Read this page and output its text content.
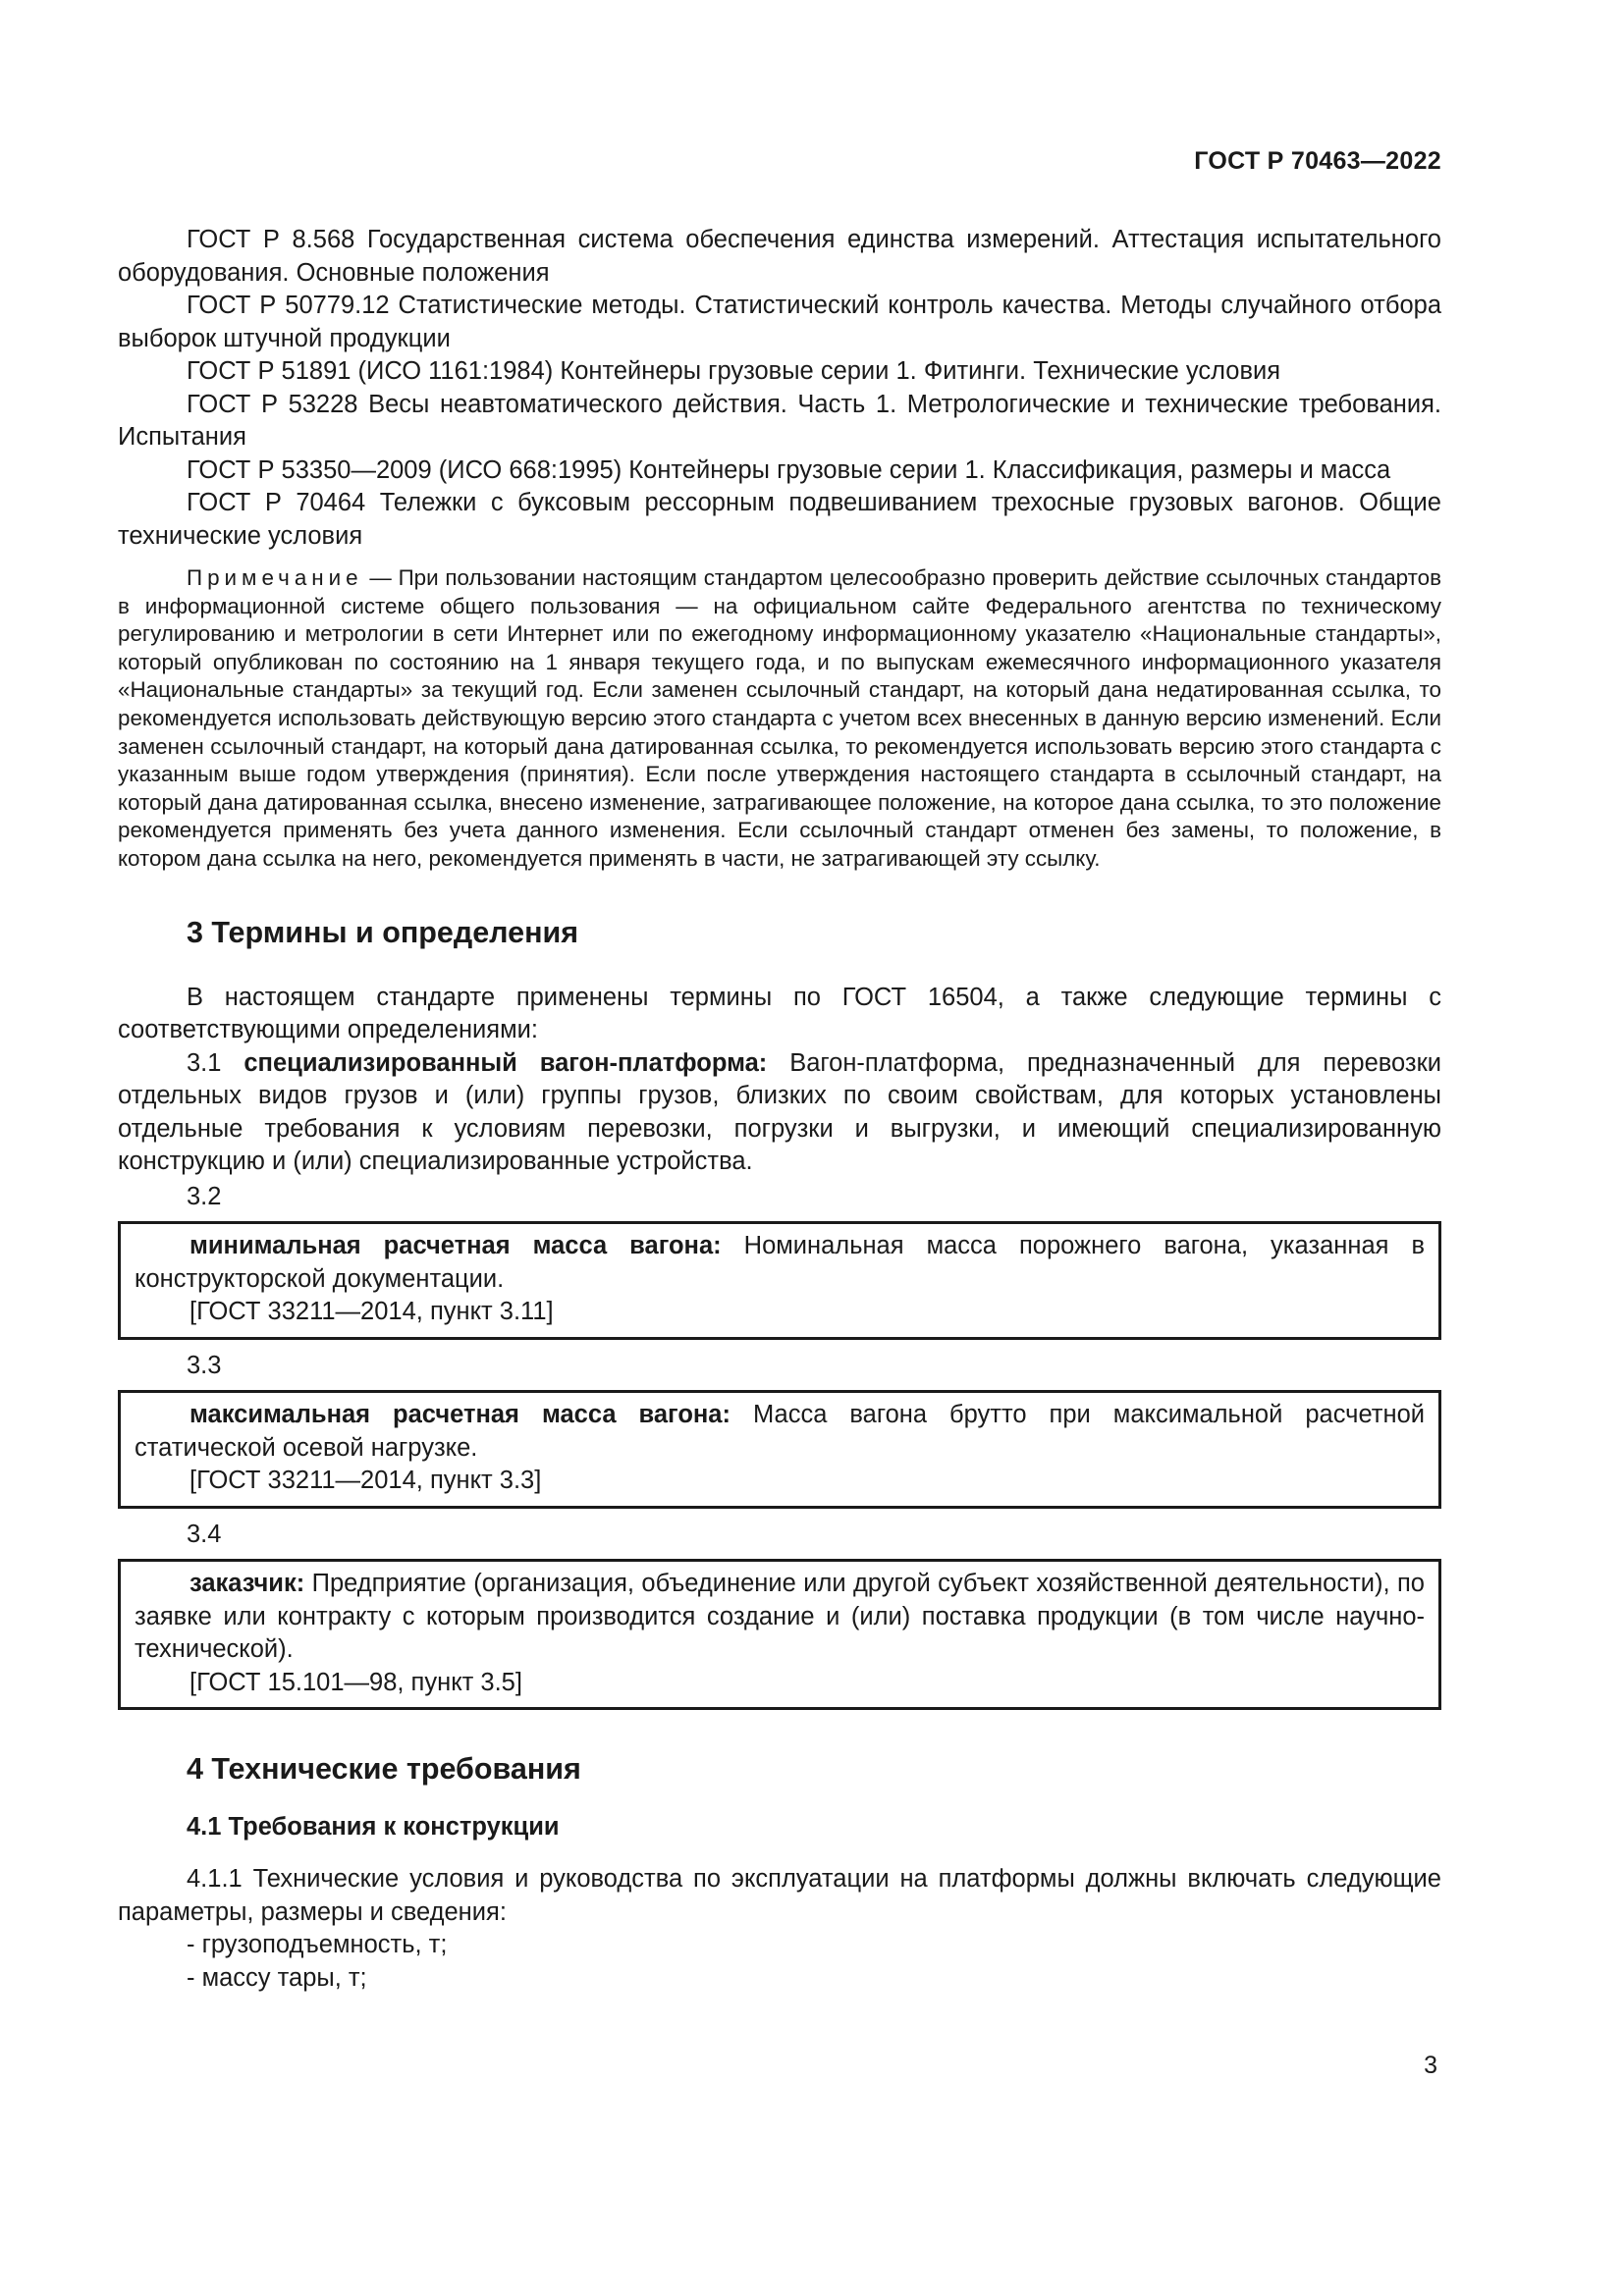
ГОСТ Р 70463—2022

ГОСТ Р 8.568 Государственная система обеспечения единства измерений. Аттестация испытательного оборудования. Основные положения

ГОСТ Р 50779.12 Статистические методы. Статистический контроль качества. Методы случайного отбора выборок штучной продукции

ГОСТ Р 51891 (ИСО 1161:1984) Контейнеры грузовые серии 1. Фитинги. Технические условия

ГОСТ Р 53228 Весы неавтоматического действия. Часть 1. Метрологические и технические требования. Испытания

ГОСТ Р 53350—2009 (ИСО 668:1995) Контейнеры грузовые серии 1. Классификация, размеры и масса

ГОСТ Р 70464 Тележки с буксовым рессорным подвешиванием трехосные грузовых вагонов. Общие технические условия

Примечание — При пользовании настоящим стандартом целесообразно проверить действие ссылочных стандартов в информационной системе общего пользования — на официальном сайте Федерального агентства по техническому регулированию и метрологии в сети Интернет или по ежегодному информационному указателю «Национальные стандарты», который опубликован по состоянию на 1 января текущего года, и по выпускам ежемесячного информационного указателя «Национальные стандарты» за текущий год. Если заменен ссылочный стандарт, на который дана недатированная ссылка, то рекомендуется использовать действующую версию этого стандарта с учетом всех внесенных в данную версию изменений. Если заменен ссылочный стандарт, на который дана датированная ссылка, то рекомендуется использовать версию этого стандарта с указанным выше годом утверждения (принятия). Если после утверждения настоящего стандарта в ссылочный стандарт, на который дана датированная ссылка, внесено изменение, затрагивающее положение, на которое дана ссылка, то это положение рекомендуется применять без учета данного изменения. Если ссылочный стандарт отменен без замены, то положение, в котором дана ссылка на него, рекомендуется применять в части, не затрагивающей эту ссылку.

3 Термины и определения

В настоящем стандарте применены термины по ГОСТ 16504, а также следующие термины с соответствующими определениями:

3.1 специализированный вагон-платформа: Вагон-платформа, предназначенный для перевозки отдельных видов грузов и (или) группы грузов, близких по своим свойствам, для которых установлены отдельные требования к условиям перевозки, погрузки и выгрузки, и имеющий специализированную конструкцию и (или) специализированные устройства.

3.2

минимальная расчетная масса вагона: Номинальная масса порожнего вагона, указанная в конструкторской документации.

[ГОСТ 33211—2014, пункт 3.11]

3.3

максимальная расчетная масса вагона: Масса вагона брутто при максимальной расчетной статической осевой нагрузке.

[ГОСТ 33211—2014, пункт 3.3]

3.4

заказчик: Предприятие (организация, объединение или другой субъект хозяйственной деятельности), по заявке или контракту с которым производится создание и (или) поставка продукции (в том числе научно-технической).

[ГОСТ 15.101—98, пункт 3.5]

4 Технические требования
4.1 Требования к конструкции

4.1.1 Технические условия и руководства по эксплуатации на платформы должны включать следующие параметры, размеры и сведения:

- грузоподъемность, т;

- массу тары, т;

3
